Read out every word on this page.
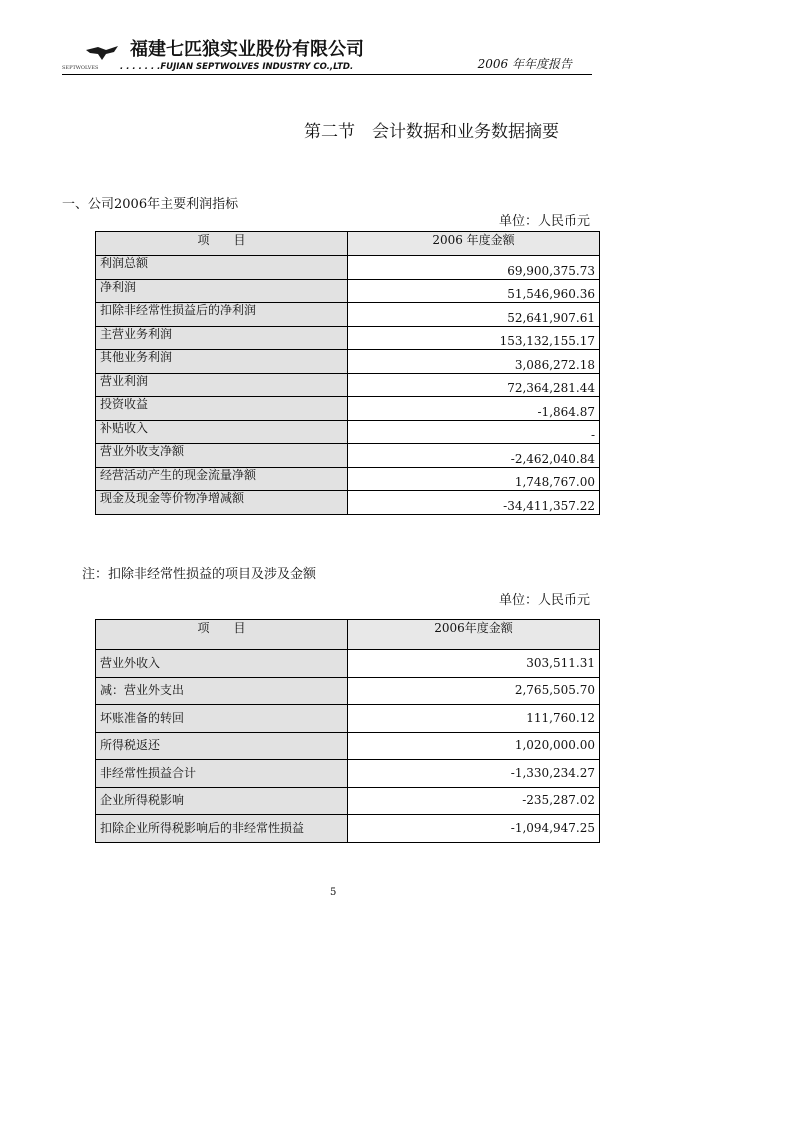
SEPTWOLVES
福建七匹狼实业股份有限公司
. . . . . . .FUJIAN SEPTWOLVES INDUSTRY CO.,LTD.	2006 年年度报告
第二节　会计数据和业务数据摘要
一、公司2006年主要利润指标
单位：人民币元
项　　目	2006 年度金额
利润总额	69,900,375.73
净利润	51,546,960.36
扣除非经常性损益后的净利润	52,641,907.61
主营业务利润	153,132,155.17
其他业务利润	3,086,272.18
营业利润	72,364,281.44
投资收益	-1,864.87
补贴收入	-
营业外收支净额	-2,462,040.84
经营活动产生的现金流量净额	1,748,767.00
现金及现金等价物净增减额	-34,411,357.22
注：扣除非经常性损益的项目及涉及金额
单位：人民币元
项　　目	2006年度金额
营业外收入	303,511.31
减：营业外支出	2,765,505.70
坏账准备的转回	111,760.12
所得税返还	1,020,000.00
非经常性损益合计	-1,330,234.27
企业所得税影响	-235,287.02
扣除企业所得税影响后的非经常性损益	-1,094,947.25
5
